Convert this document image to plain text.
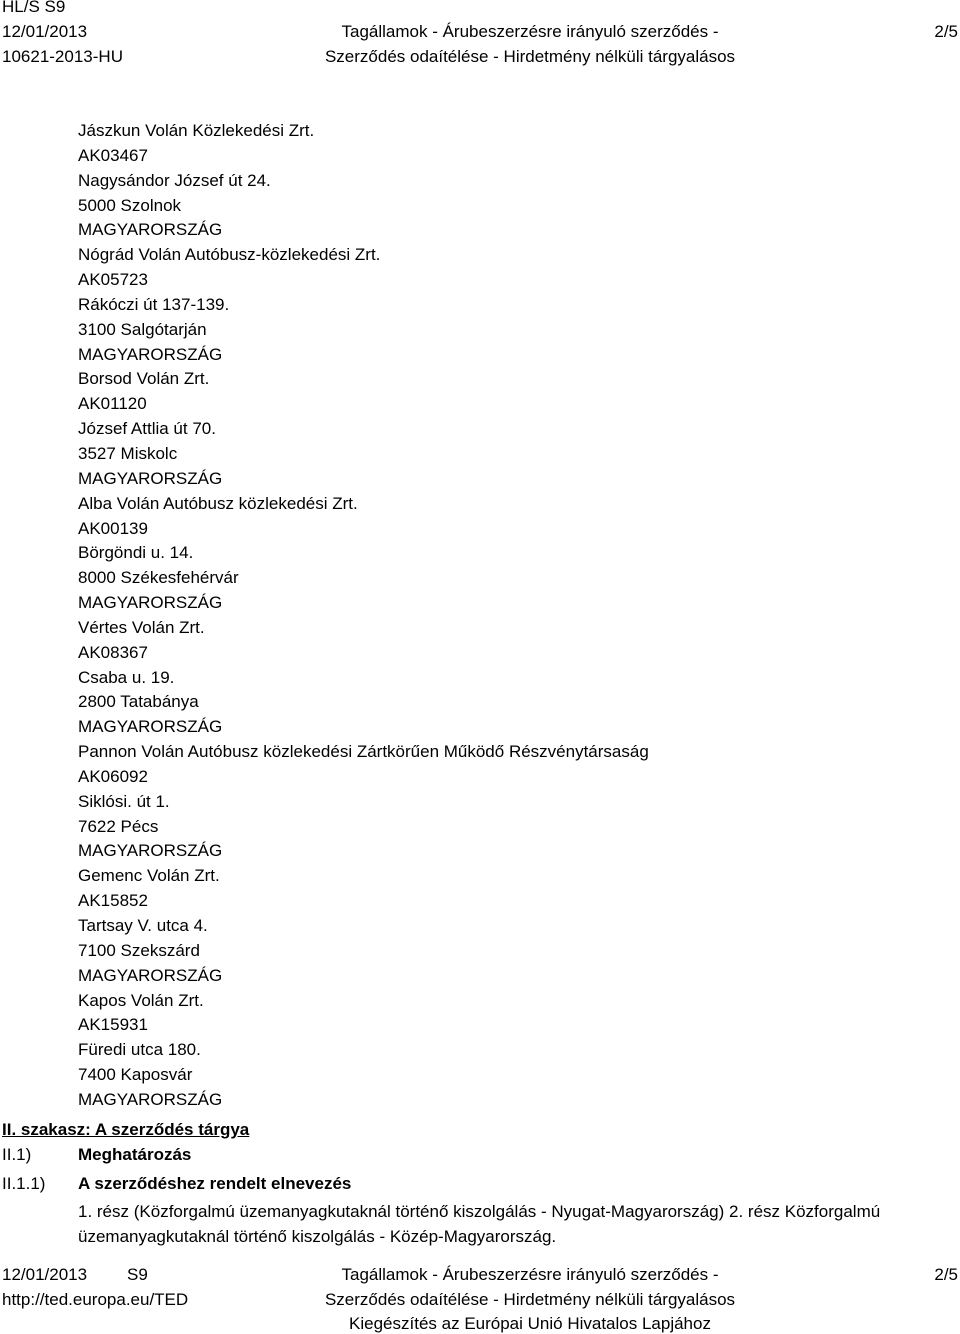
HL/S S9
12/01/2013
10621-2013-HU
Tagállamok - Árubeszerzésre irányuló szerződés -
Szerződés odaítélése - Hirdetmény nélküli tárgyalásos
2/5
Jászkun Volán Közlekedési Zrt.
AK03467
Nagysándor József út 24.
5000 Szolnok
MAGYARORSZÁG
Nógrád Volán Autóbusz-közlekedési Zrt.
AK05723
Rákóczi út 137-139.
3100 Salgótarján
MAGYARORSZÁG
Borsod Volán Zrt.
AK01120
József Attlia út 70.
3527 Miskolc
MAGYARORSZÁG
Alba Volán Autóbusz közlekedési Zrt.
AK00139
Börgöndi u. 14.
8000 Székesfehérvár
MAGYARORSZÁG
Vértes Volán Zrt.
AK08367
Csaba u. 19.
2800 Tatabánya
MAGYARORSZÁG
Pannon Volán Autóbusz közlekedési Zártkörűen Működő Részvénytársaság
AK06092
Siklósi. út 1.
7622 Pécs
MAGYARORSZÁG
Gemenc Volán Zrt.
AK15852
Tartsay V. utca 4.
7100 Szekszárd
MAGYARORSZÁG
Kapos Volán Zrt.
AK15931
Füredi utca 180.
7400 Kaposvár
MAGYARORSZÁG
II. szakasz: A szerződés tárgya
II.1)	Meghatározás
II.1.1) A szerződéshez rendelt elnevezés
1. rész (Közforgalmú üzemanyagkutaknál történő kiszolgálás - Nyugat-Magyarország) 2. rész Közforgalmú üzemanyagkutaknál történő kiszolgálás - Közép-Magyarország.
12/01/2013 S9
http://ted.europa.eu/TED
Tagállamok - Árubeszerzésre irányuló szerződés -
Szerződés odaítélése - Hirdetmény nélküli tárgyalásos
Kiegészítés az Európai Unió Hivatalos Lapjához
2/5
